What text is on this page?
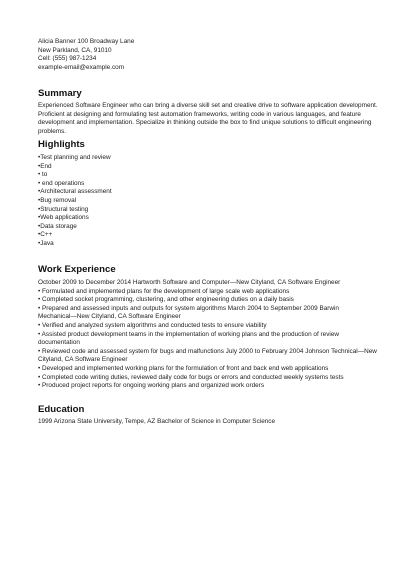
Alicia Banner 100 Broadway Lane
New Parkland, CA, 91010
Cell: (555) 987-1234
example-email@example.com
Summary
Experienced Software Engineer who can bring a diverse skill set and creative drive to software application development.
Proficient at designing and formulating test automation frameworks, writing code in various languages, and feature
development and implementation. Specialize in thinking outside the box to find unique solutions to difficult engineering
problems.
Highlights
•Test planning and review
•End
• to
• end operations
•Architectural assessment
•Bug removal
•Structural testing
•Web applications
•Data storage
•C++
•Java
Work Experience
October 2009 to December 2014 Hartworth Software and Computer—New Cityland, CA Software Engineer
• Formulated and implemented plans for the development of large scale web applications
• Completed socket programming, clustering, and other engineering duties on a daily basis
• Prepared and assessed inputs and outputs for system algorithms March 2004 to September 2009 Barwin
Mechanical—New Cityland, CA Software Engineer
• Verified and analyzed system algorithms and conducted tests to ensure viability
• Assisted product development teams in the implementation of working plans and the production of review
documentation
• Reviewed code and assessed system for bugs and malfunctions July 2000 to February 2004 Johnson Technical—New
Cityland, CA Software Engineer
• Developed and implemented working plans for the formulation of front and back end web applications
• Completed code writing duties, reviewed daily code for bugs or errors and conducted weekly systems tests
• Produced project reports for ongoing working plans and organized work orders
Education
1999 Arizona State University, Tempe, AZ Bachelor of Science in Computer Science
